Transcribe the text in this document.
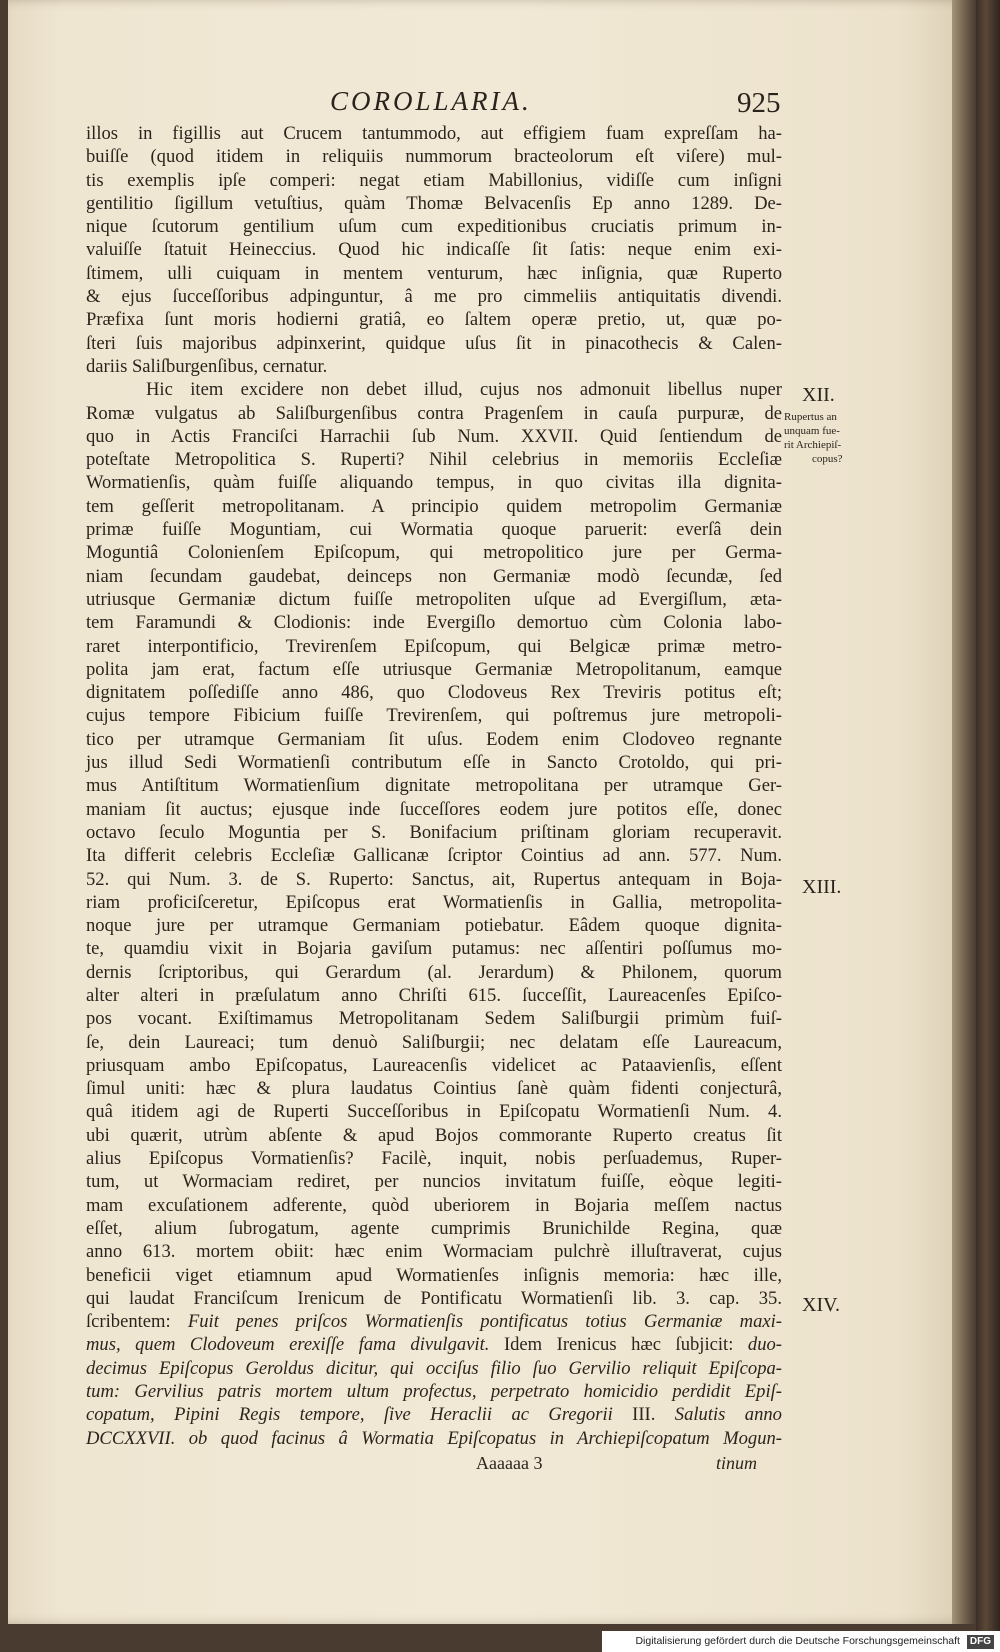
COROLLARIA.	925
illos in figillis aut Crucem tantummodo, aut effigiem fuam expreſſam ha-
buiſſe (quod itidem in reliquiis nummorum bracteolorum eſt viſere) mul-
tis exemplis ipſe comperi: negat etiam Mabillonius, vidiſſe cum inſigni
gentilitio ſigillum vetuſtius, quàm Thomæ Belvacenſis Ep anno 1289. De-
nique ſcutorum gentilium uſum cum expeditionibus cruciatis primum in-
valuiſſe ſtatuit Heineccius. Quod hic indicaſſe ſit ſatis: neque enim exi-
ſtimem, ulli cuiquam in mentem venturum, hæc inſignia, quæ Ruperto
& ejus ſucceſſoribus adpinguntur, â me pro cimmeliis antiquitatis divendi.
Præfixa ſunt moris hodierni gratiâ, eo ſaltem operæ pretio, ut, quæ po-
ſteri ſuis majoribus adpinxerint, quidque uſus ſit in pinacothecis & Calen-
dariis Saliſburgenſibus, cernatur.
Hic item excidere non debet illud, cujus nos admonuit libellus nuper
Romæ vulgatus ab Saliſburgenſibus contra Pragenſem in cauſa purpuræ, de
quo in Actis Franciſci Harrachii ſub Num. XXVII. Quid ſentiendum de
poteſtate Metropolitica S. Ruperti? Nihil celebrius in memoriis Eccleſiæ
Wormatienſis, quàm fuiſſe aliquando tempus, in quo civitas illa dignita-
tem geſſerit metropolitanam. A principio quidem metropolim Germaniæ
primæ fuiſſe Moguntiam, cui Wormatia quoque paruerit: everſâ dein
Moguntiâ Colonienſem Epiſcopum, qui metropolitico jure per Germa-
niam ſecundam gaudebat, deinceps non Germaniæ modò ſecundæ, ſed
utriusque Germaniæ dictum fuiſſe metropoliten uſque ad Evergiſlum, æta-
tem Faramundi & Clodionis: inde Evergiſlo demortuo cùm Colonia labo-
raret interpontificio, Trevirenſem Epiſcopum, qui Belgicæ primæ metro-
polita jam erat, factum eſſe utriusque Germaniæ Metropolitanum, eamque
dignitatem poſſediſſe anno 486, quo Clodoveus Rex Treviris potitus eſt;
cujus tempore Fibicium fuiſſe Trevirenſem, qui poſtremus jure metropoli-
tico per utramque Germaniam ſit uſus. Eodem enim Clodoveo regnante
jus illud Sedi Wormatienſi contributum eſſe in Sancto Crotoldo, qui pri-
mus Antiſtitum Wormatienſium dignitate metropolitana per utramque Ger-
maniam ſit auctus; ejusque inde ſucceſſores eodem jure potitos eſſe, donec
octavo ſeculo Moguntia per S. Bonifacium priſtinam gloriam recuperavit.
Ita differit celebris Eccleſiæ Gallicanæ ſcriptor Cointius ad ann. 577. Num.
52. qui Num. 3. de S. Ruperto: Sanctus, ait, Rupertus antequam in Boja-
riam proficiſceretur, Epiſcopus erat Wormatienſis in Gallia, metropolita-
noque jure per utramque Germaniam potiebatur. Eâdem quoque dignita-
te, quamdiu vixit in Bojaria gaviſum putamus: nec aſſentiri poſſumus mo-
dernis ſcriptoribus, qui Gerardum (al. Jerardum) & Philonem, quorum
alter alteri in præſulatum anno Chriſti 615. ſucceſſit, Laureacenſes Epiſco-
pos vocant. Exiſtimamus Metropolitanam Sedem Saliſburgii primùm fuiſ-
ſe, dein Laureaci; tum denuò Saliſburgii; nec delatam eſſe Laureacum,
priusquam ambo Epiſcopatus, Laureacenſis videlicet ac Pataavienſis, eſſent
ſimul uniti: hæc & plura laudatus Cointius ſanè quàm fidenti conjecturâ,
quâ itidem agi de Ruperti Succeſſoribus in Epiſcopatu Wormatienſi Num. 4.
ubi quærit, utrùm abſente & apud Bojos commorante Ruperto creatus ſit
alius Epiſcopus Vormatienſis? Facilè, inquit, nobis perſuademus, Ruper-
tum, ut Wormaciam rediret, per nuncios invitatum fuiſſe, eòque legiti-
mam excuſationem adferente, quòd uberiorem in Bojaria meſſem nactus
eſſet, alium ſubrogatum, agente cumprimis Brunichilde Regina, quæ
anno 613. mortem obiit: hæc enim Wormaciam pulchrè illuſtraverat, cujus
beneficii viget etiamnum apud Wormatienſes inſignis memoria: hæc ille,
qui laudat Franciſcum Irenicum de Pontificatu Wormatienſi lib. 3. cap. 35.
ſcribentem: Fuit penes priſcos Wormatienſis pontificatus totius Germaniæ maxi-
mus, quem Clodoveum erexiſſe fama divulgavit. Idem Irenicus hæc ſubjicit: duo-
decimus Epiſcopus Geroldus dicitur, qui occiſus filio ſuo Gervilio reliquit Epiſcopa-
tum: Gervilius patris mortem ultum profectus, perpetrato homicidio perdidit Epiſ-
copatum, Pipini Regis tempore, ſive Heraclii ac Gregorii III. Salutis anno
DCCXXVII. ob quod facinus â Wormatia Epiſcopatus in Archiepiſcopatum Mogun-
XII.
Rupertus an
unquam fue-
rit Archiepiſ-
copus?
XIII.
XIV.
Aaaaaa 3	tinum
Digitalisierung gefördert durch die Deutsche Forschungsgemeinschaft DFG
